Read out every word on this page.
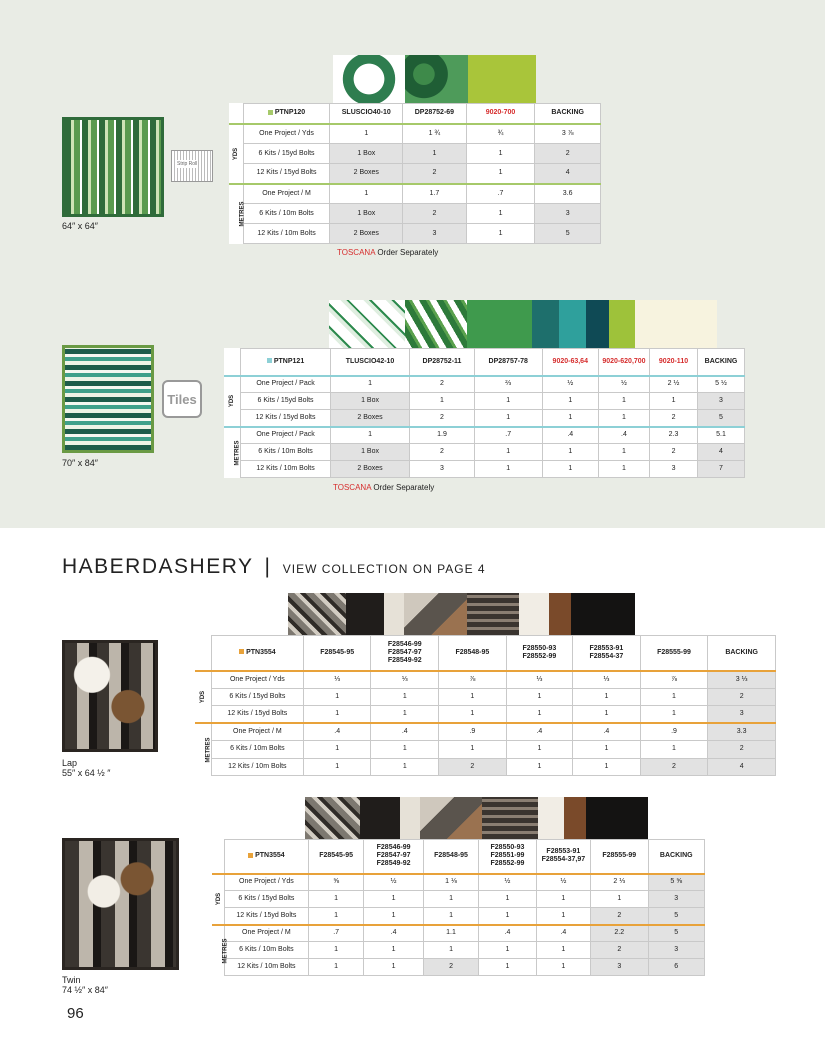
64″ x 64″
Strip Roll
	PTNP120	SLUSCIO40-10	DP28752-69	9020-700	BACKING
YDS	One Project / Yds	1	1 ¾	¾	3 ⅞
	6 Kits / 15yd Bolts	1 Box	1	1	2
	12 Kits / 15yd Bolts	2 Boxes	2	1	4
METRES	One Project / M	1	1.7	.7	3.6
	6 Kits / 10m Bolts	1 Box	2	1	3
	12 Kits / 10m Bolts	2 Boxes	3	1	5
TOSCANA Order Separately
70″ x 84″
Tiles
	PTNP121	TLUSCIO42-10	DP28752-11	DP28757-78	9020-63,64	9020-620,700	9020-110	BACKING
YDS	One Project / Pack	1	2	⅔	½	½	2 ½	5 ½
	6 Kits / 15yd Bolts	1 Box	1	1	1	1	1	3
	12 Kits / 15yd Bolts	2 Boxes	2	1	1	1	2	5
METRES	One Project / Pack	1	1.9	.7	.4	.4	2.3	5.1
	6 Kits / 10m Bolts	1 Box	2	1	1	1	2	4
	12 Kits / 10m Bolts	2 Boxes	3	1	1	1	3	7
TOSCANA Order Separately
HABERDASHERY | VIEW COLLECTION ON PAGE 4
Lap
55″ x 64 ½ ″
	PTN3554	F28545-95	F28546-99
F28547-97
F28549-92	F28548-95	F28550-93
F28552-99	F28553-91
F28554-37	F28555-99	BACKING
YDS	One Project / Yds	⅓	⅓	⅞	⅓	⅓	⅞	3 ⅓
	6 Kits / 15yd Bolts	1	1	1	1	1	1	2
	12 Kits / 15yd Bolts	1	1	1	1	1	1	3
METRES	One Project / M	.4	.4	.9	.4	.4	.9	3.3
	6 Kits / 10m Bolts	1	1	1	1	1	1	2
	12 Kits / 10m Bolts	1	1	2	1	1	2	4
Twin
74 ½″ x 84″
	PTN3554	F28545-95	F28546-99
F28547-97
F28549-92	F28548-95	F28550-93
F28551-99
F28552-99	F28553-91
F28554-37,97	F28555-99	BACKING
YDS	One Project / Yds	⅝	½	1 ⅛	½	½	2 ⅓	5 ⅝
	6 Kits / 15yd Bolts	1	1	1	1	1	1	3
	12 Kits / 15yd Bolts	1	1	1	1	1	2	5
METRES	One Project / M	.7	.4	1.1	.4	.4	2.2	5
	6 Kits / 10m Bolts	1	1	1	1	1	2	3
	12 Kits / 10m Bolts	1	1	2	1	1	3	6
96
